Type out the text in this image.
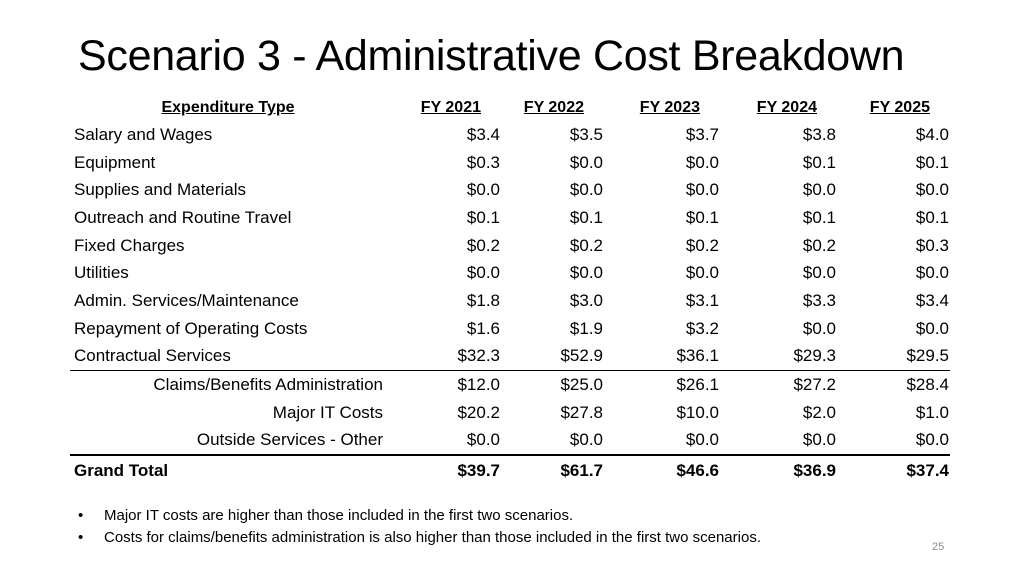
Scenario 3 - Administrative Cost Breakdown
Expenditure Type	FY 2021	FY 2022	FY 2023	FY 2024	FY 2025
Salary and Wages	$3.4	$3.5	$3.7	$3.8	$4.0
Equipment	$0.3	$0.0	$0.0	$0.1	$0.1
Supplies and Materials	$0.0	$0.0	$0.0	$0.0	$0.0
Outreach and Routine Travel	$0.1	$0.1	$0.1	$0.1	$0.1
Fixed Charges	$0.2	$0.2	$0.2	$0.2	$0.3
Utilities	$0.0	$0.0	$0.0	$0.0	$0.0
Admin. Services/Maintenance	$1.8	$3.0	$3.1	$3.3	$3.4
Repayment of Operating Costs	$1.6	$1.9	$3.2	$0.0	$0.0
Contractual Services	$32.3	$52.9	$36.1	$29.3	$29.5
Claims/Benefits Administration	$12.0	$25.0	$26.1	$27.2	$28.4
Major IT Costs	$20.2	$27.8	$10.0	$2.0	$1.0
Outside Services - Other	$0.0	$0.0	$0.0	$0.0	$0.0
Grand Total	$39.7	$61.7	$46.6	$36.9	$37.4
• Major IT costs are higher than those included in the first two scenarios.
• Costs for claims/benefits administration is also higher than those included in the first two scenarios.
25
